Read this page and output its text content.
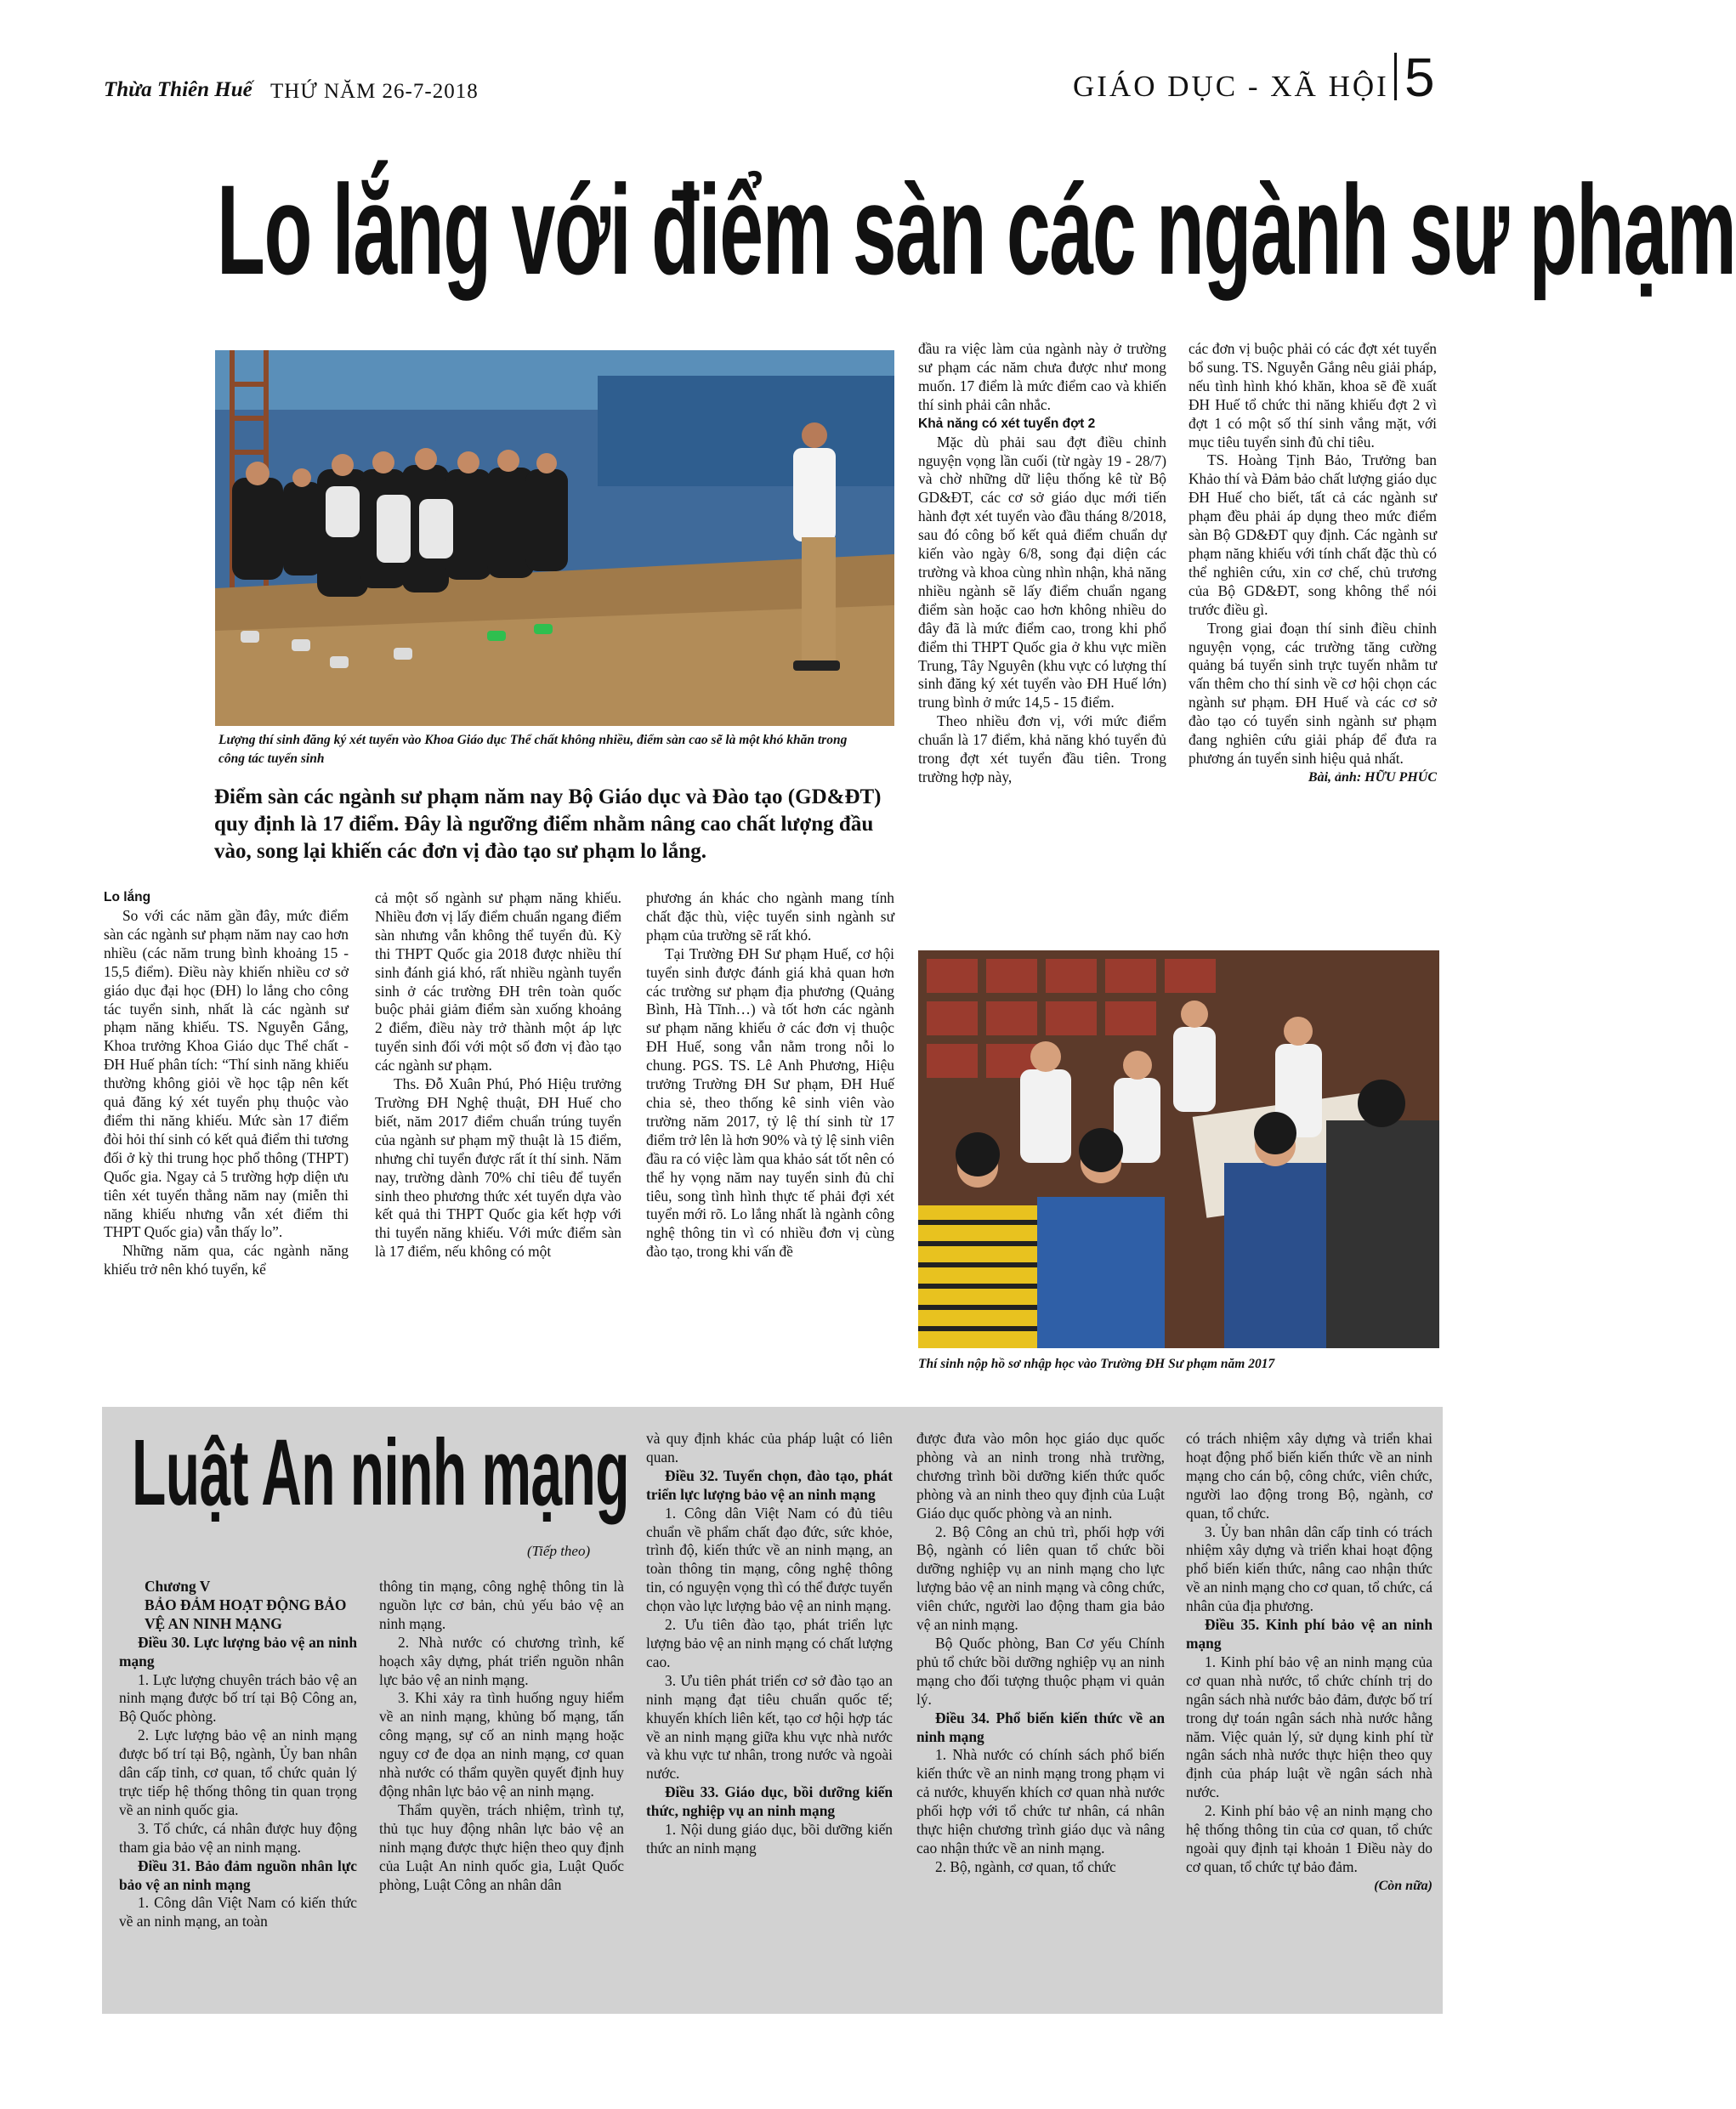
Thừa Thiên Huế THỨ NĂM 26-7-2018	GIÁO DỤC - XÃ HỘI 5
Lo lắng với điểm sàn các ngành sư phạm
Lượng thí sinh đăng ký xét tuyển vào Khoa Giáo dục Thể chất không nhiều, điểm sàn cao sẽ là một khó khăn trong công tác tuyển sinh
Điểm sàn các ngành sư phạm năm nay Bộ Giáo dục và Đào tạo (GD&ĐT) quy định là 17 điểm. Đây là ngưỡng điểm nhằm nâng cao chất lượng đầu vào, song lại khiến các đơn vị đào tạo sư phạm lo lắng.
Lo lắng

So với các năm gần đây, mức điểm sàn các ngành sư phạm năm nay cao hơn nhiều (các năm trung bình khoảng 15 - 15,5 điểm). Điều này khiến nhiều cơ sở giáo dục đại học (ĐH) lo lắng cho công tác tuyển sinh, nhất là các ngành sư phạm năng khiếu. TS. Nguyễn Gắng, Khoa trưởng Khoa Giáo dục Thể chất - ĐH Huế phân tích: “Thí sinh năng khiếu thường không giỏi về học tập nên kết quả đăng ký xét tuyển phụ thuộc vào điểm thi năng khiếu. Mức sàn 17 điểm đòi hỏi thí sinh có kết quả điểm thi tương đối ở kỳ thi trung học phổ thông (THPT) Quốc gia. Ngay cả 5 trường hợp diện ưu tiên xét tuyển thẳng năm nay (miễn thi năng khiếu nhưng vẫn xét điểm thi THPT Quốc gia) vẫn thấy lo”.

Những năm qua, các ngành năng khiếu trở nên khó tuyển, kể

cả một số ngành sư phạm năng khiếu. Nhiều đơn vị lấy điểm chuẩn ngang điểm sàn nhưng vẫn không thể tuyển đủ. Kỳ thi THPT Quốc gia 2018 được nhiều thí sinh đánh giá khó, rất nhiều ngành tuyển sinh ở các trường ĐH trên toàn quốc buộc phải giảm điểm sàn xuống khoảng 2 điểm, điều này trở thành một áp lực tuyển sinh đối với một số đơn vị đào tạo các ngành sư phạm.

Ths. Đỗ Xuân Phú, Phó Hiệu trưởng Trường ĐH Nghệ thuật, ĐH Huế cho biết, năm 2017 điểm chuẩn trúng tuyển của ngành sư phạm mỹ thuật là 15 điểm, nhưng chỉ tuyển được rất ít thí sinh. Năm nay, trường dành 70% chỉ tiêu để tuyển sinh theo phương thức xét tuyển dựa vào kết quả thi THPT Quốc gia kết hợp với thi tuyển năng khiếu. Với mức điểm sàn là 17 điểm, nếu không có một

phương án khác cho ngành mang tính chất đặc thù, việc tuyển sinh ngành sư phạm của trường sẽ rất khó.

Tại Trường ĐH Sư phạm Huế, cơ hội tuyển sinh được đánh giá khả quan hơn các trường sư phạm địa phương (Quảng Bình, Hà Tĩnh…) và tốt hơn các ngành sư phạm năng khiếu ở các đơn vị thuộc ĐH Huế, song vẫn nằm trong nỗi lo chung. PGS. TS. Lê Anh Phương, Hiệu trưởng Trường ĐH Sư phạm, ĐH Huế chia sẻ, theo thống kê sinh viên vào trường năm 2017, tỷ lệ thí sinh từ 17 điểm trở lên là hơn 90% và tỷ lệ sinh viên đầu ra có việc làm qua khảo sát tốt nên có thể hy vọng năm nay tuyển sinh đủ chỉ tiêu, song tình hình thực tế phải đợi xét tuyển mới rõ. Lo lắng nhất là ngành công nghệ thông tin vì có nhiều đơn vị cùng đào tạo, trong khi vấn đề

đầu ra việc làm của ngành này ở trường sư phạm các năm chưa được như mong muốn. 17 điểm là mức điểm cao và khiến thí sinh phải cân nhắc.

Khả năng có xét tuyển đợt 2

Mặc dù phải sau đợt điều chỉnh nguyện vọng lần cuối (từ ngày 19 - 28/7) và chờ những dữ liệu thống kê từ Bộ GD&ĐT, các cơ sở giáo dục mới tiến hành đợt xét tuyển vào đầu tháng 8/2018, sau đó công bố kết quả điểm chuẩn dự kiến vào ngày 6/8, song đại diện các trường và khoa cùng nhìn nhận, khả năng nhiều ngành sẽ lấy điểm chuẩn ngang điểm sàn hoặc cao hơn không nhiều do đây đã là mức điểm cao, trong khi phổ điểm thi THPT Quốc gia ở khu vực miền Trung, Tây Nguyên (khu vực có lượng thí sinh đăng ký xét tuyển vào ĐH Huế lớn) trung bình ở mức 14,5 - 15 điểm.

Theo nhiều đơn vị, với mức điểm chuẩn là 17 điểm, khả năng khó tuyển đủ trong đợt xét tuyển đầu tiên. Trong trường hợp này,

các đơn vị buộc phải có các đợt xét tuyển bổ sung. TS. Nguyễn Gắng nêu giải pháp, nếu tình hình khó khăn, khoa sẽ đề xuất ĐH Huế tổ chức thi năng khiếu đợt 2 vì đợt 1 có một số thí sinh vắng mặt, với mục tiêu tuyển sinh đủ chỉ tiêu.

TS. Hoàng Tịnh Bảo, Trưởng ban Khảo thí và Đảm bảo chất lượng giáo dục ĐH Huế cho biết, tất cả các ngành sư phạm đều phải áp dụng theo mức điểm sàn Bộ GD&ĐT quy định. Các ngành sư phạm năng khiếu với tính chất đặc thù có thể nghiên cứu, xin cơ chế, chủ trương của Bộ GD&ĐT, song không thể nói trước điều gì.

Trong giai đoạn thí sinh điều chỉnh nguyện vọng, các trường tăng cường quảng bá tuyển sinh trực tuyến nhằm tư vấn thêm cho thí sinh về cơ hội chọn các ngành sư phạm. ĐH Huế và các cơ sở đào tạo có tuyển sinh ngành sư phạm đang nghiên cứu giải pháp để đưa ra phương án tuyển sinh hiệu quả nhất.

Bài, ảnh: HỮU PHÚC
Thí sinh nộp hồ sơ nhập học vào Trường ĐH Sư phạm năm 2017
Luật An ninh mạng
(Tiếp theo)

Chương V

BẢO ĐẢM HOẠT ĐỘNG BẢO VỆ AN NINH MẠNG

Điều 30. Lực lượng bảo vệ an ninh mạng

1. Lực lượng chuyên trách bảo vệ an ninh mạng được bố trí tại Bộ Công an, Bộ Quốc phòng.

2. Lực lượng bảo vệ an ninh mạng được bố trí tại Bộ, ngành, Ủy ban nhân dân cấp tỉnh, cơ quan, tổ chức quản lý trực tiếp hệ thống thông tin quan trọng về an ninh quốc gia.

3. Tổ chức, cá nhân được huy động tham gia bảo vệ an ninh mạng.

Điều 31. Bảo đảm nguồn nhân lực bảo vệ an ninh mạng

1. Công dân Việt Nam có kiến thức về an ninh mạng, an toàn

thông tin mạng, công nghệ thông tin là nguồn lực cơ bản, chủ yếu bảo vệ an ninh mạng.

2. Nhà nước có chương trình, kế hoạch xây dựng, phát triển nguồn nhân lực bảo vệ an ninh mạng.

3. Khi xảy ra tình huống nguy hiểm về an ninh mạng, khủng bố mạng, tấn công mạng, sự cố an ninh mạng hoặc nguy cơ đe dọa an ninh mạng, cơ quan nhà nước có thẩm quyền quyết định huy động nhân lực bảo vệ an ninh mạng.

Thẩm quyền, trách nhiệm, trình tự, thủ tục huy động nhân lực bảo vệ an ninh mạng được thực hiện theo quy định của Luật An ninh quốc gia, Luật Quốc phòng, Luật Công an nhân dân

và quy định khác của pháp luật có liên quan.

Điều 32. Tuyển chọn, đào tạo, phát triển lực lượng bảo vệ an ninh mạng

1. Công dân Việt Nam có đủ tiêu chuẩn về phẩm chất đạo đức, sức khỏe, trình độ, kiến thức về an ninh mạng, an toàn thông tin mạng, công nghệ thông tin, có nguyện vọng thì có thể được tuyển chọn vào lực lượng bảo vệ an ninh mạng.

2. Ưu tiên đào tạo, phát triển lực lượng bảo vệ an ninh mạng có chất lượng cao.

3. Ưu tiên phát triển cơ sở đào tạo an ninh mạng đạt tiêu chuẩn quốc tế; khuyến khích liên kết, tạo cơ hội hợp tác về an ninh mạng giữa khu vực nhà nước và khu vực tư nhân, trong nước và ngoài nước.

Điều 33. Giáo dục, bồi dưỡng kiến thức, nghiệp vụ an ninh mạng

1. Nội dung giáo dục, bồi dưỡng kiến thức an ninh mạng

được đưa vào môn học giáo dục quốc phòng và an ninh trong nhà trường, chương trình bồi dưỡng kiến thức quốc phòng và an ninh theo quy định của Luật Giáo dục quốc phòng và an ninh.

2. Bộ Công an chủ trì, phối hợp với Bộ, ngành có liên quan tổ chức bồi dưỡng nghiệp vụ an ninh mạng cho lực lượng bảo vệ an ninh mạng và công chức, viên chức, người lao động tham gia bảo vệ an ninh mạng.

Bộ Quốc phòng, Ban Cơ yếu Chính phủ tổ chức bồi dưỡng nghiệp vụ an ninh mạng cho đối tượng thuộc phạm vi quản lý.

Điều 34. Phổ biến kiến thức về an ninh mạng

1. Nhà nước có chính sách phổ biến kiến thức về an ninh mạng trong phạm vi cả nước, khuyến khích cơ quan nhà nước phối hợp với tổ chức tư nhân, cá nhân thực hiện chương trình giáo dục và nâng cao nhận thức về an ninh mạng.

2. Bộ, ngành, cơ quan, tổ chức

có trách nhiệm xây dựng và triển khai hoạt động phổ biến kiến thức về an ninh mạng cho cán bộ, công chức, viên chức, người lao động trong Bộ, ngành, cơ quan, tổ chức.

3. Ủy ban nhân dân cấp tỉnh có trách nhiệm xây dựng và triển khai hoạt động phổ biến kiến thức, nâng cao nhận thức về an ninh mạng cho cơ quan, tổ chức, cá nhân của địa phương.

Điều 35. Kinh phí bảo vệ an ninh mạng

1. Kinh phí bảo vệ an ninh mạng của cơ quan nhà nước, tổ chức chính trị do ngân sách nhà nước bảo đảm, được bố trí trong dự toán ngân sách nhà nước hằng năm. Việc quản lý, sử dụng kinh phí từ ngân sách nhà nước thực hiện theo quy định của pháp luật về ngân sách nhà nước.

2. Kinh phí bảo vệ an ninh mạng cho hệ thống thông tin của cơ quan, tổ chức ngoài quy định tại khoản 1 Điều này do cơ quan, tổ chức tự bảo đảm.

(Còn nữa)
